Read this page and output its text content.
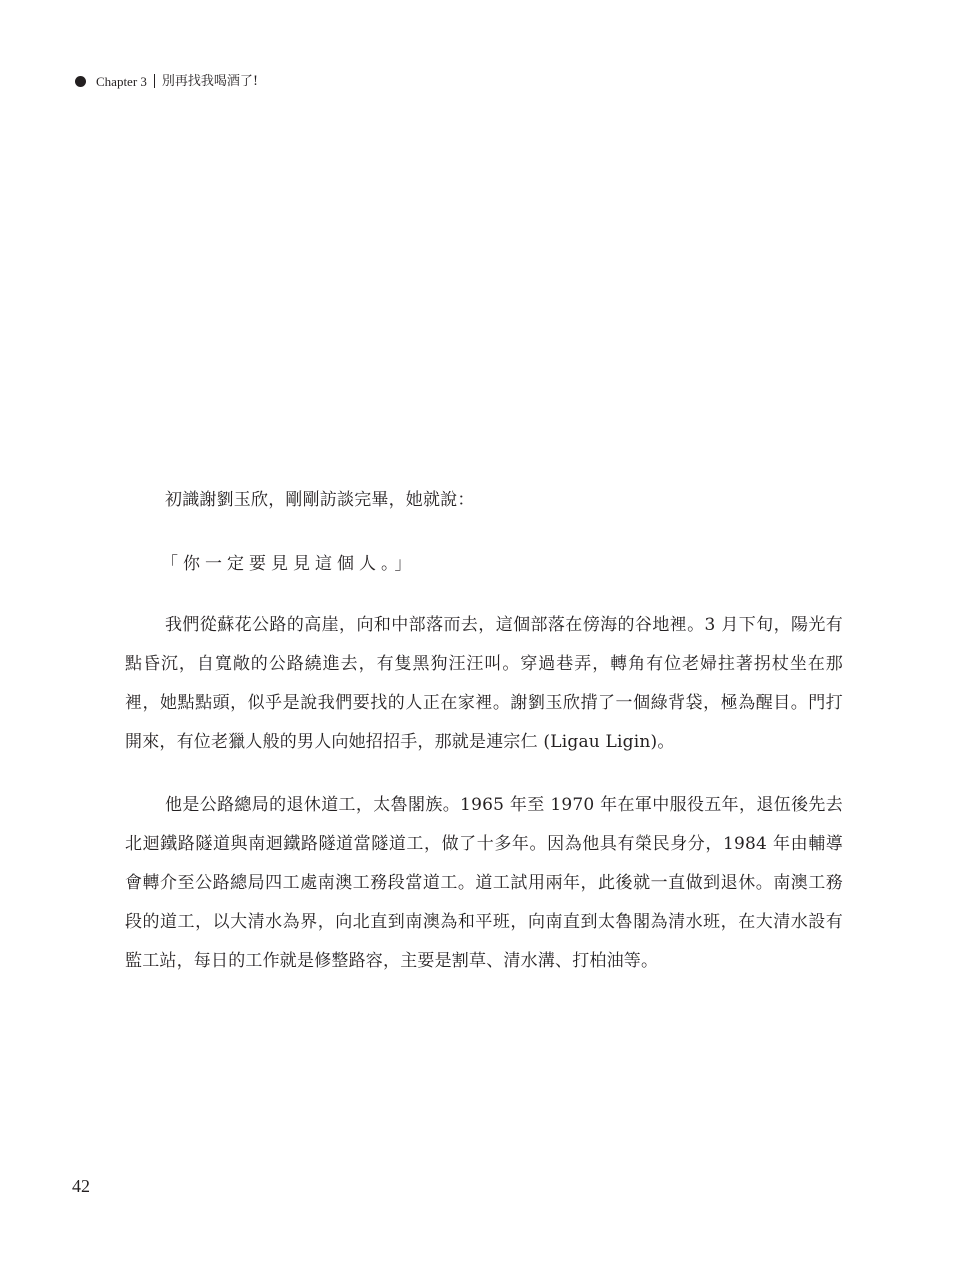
Chapter 3 別再找我喝酒了!

初識謝劉玉欣，剛剛訪談完畢，她就說：

「你一定要見見這個人。」

我們從蘇花公路的高崖，向和中部落而去，這個部落在傍海的谷地裡。3 月下旬，陽光有點昏沉，自寬敞的公路繞進去，有隻黑狗汪汪叫。穿過巷弄，轉角有位老婦拄著拐杖坐在那裡，她點點頭，似乎是說我們要找的人正在家裡。謝劉玉欣揹了一個綠背袋，極為醒目。門打開來，有位老獵人般的男人向她招招手，那就是連宗仁 (Ligau Ligin)。

他是公路總局的退休道工，太魯閣族。1965 年至 1970 年在軍中服役五年，退伍後先去北迴鐵路隧道與南迴鐵路隧道當隧道工，做了十多年。因為他具有榮民身分，1984 年由輔導會轉介至公路總局四工處南澳工務段當道工。道工試用兩年，此後就一直做到退休。南澳工務段的道工，以大清水為界，向北直到南澳為和平班，向南直到太魯閣為清水班，在大清水設有監工站，每日的工作就是修整路容，主要是割草、清水溝、打柏油等。

42
